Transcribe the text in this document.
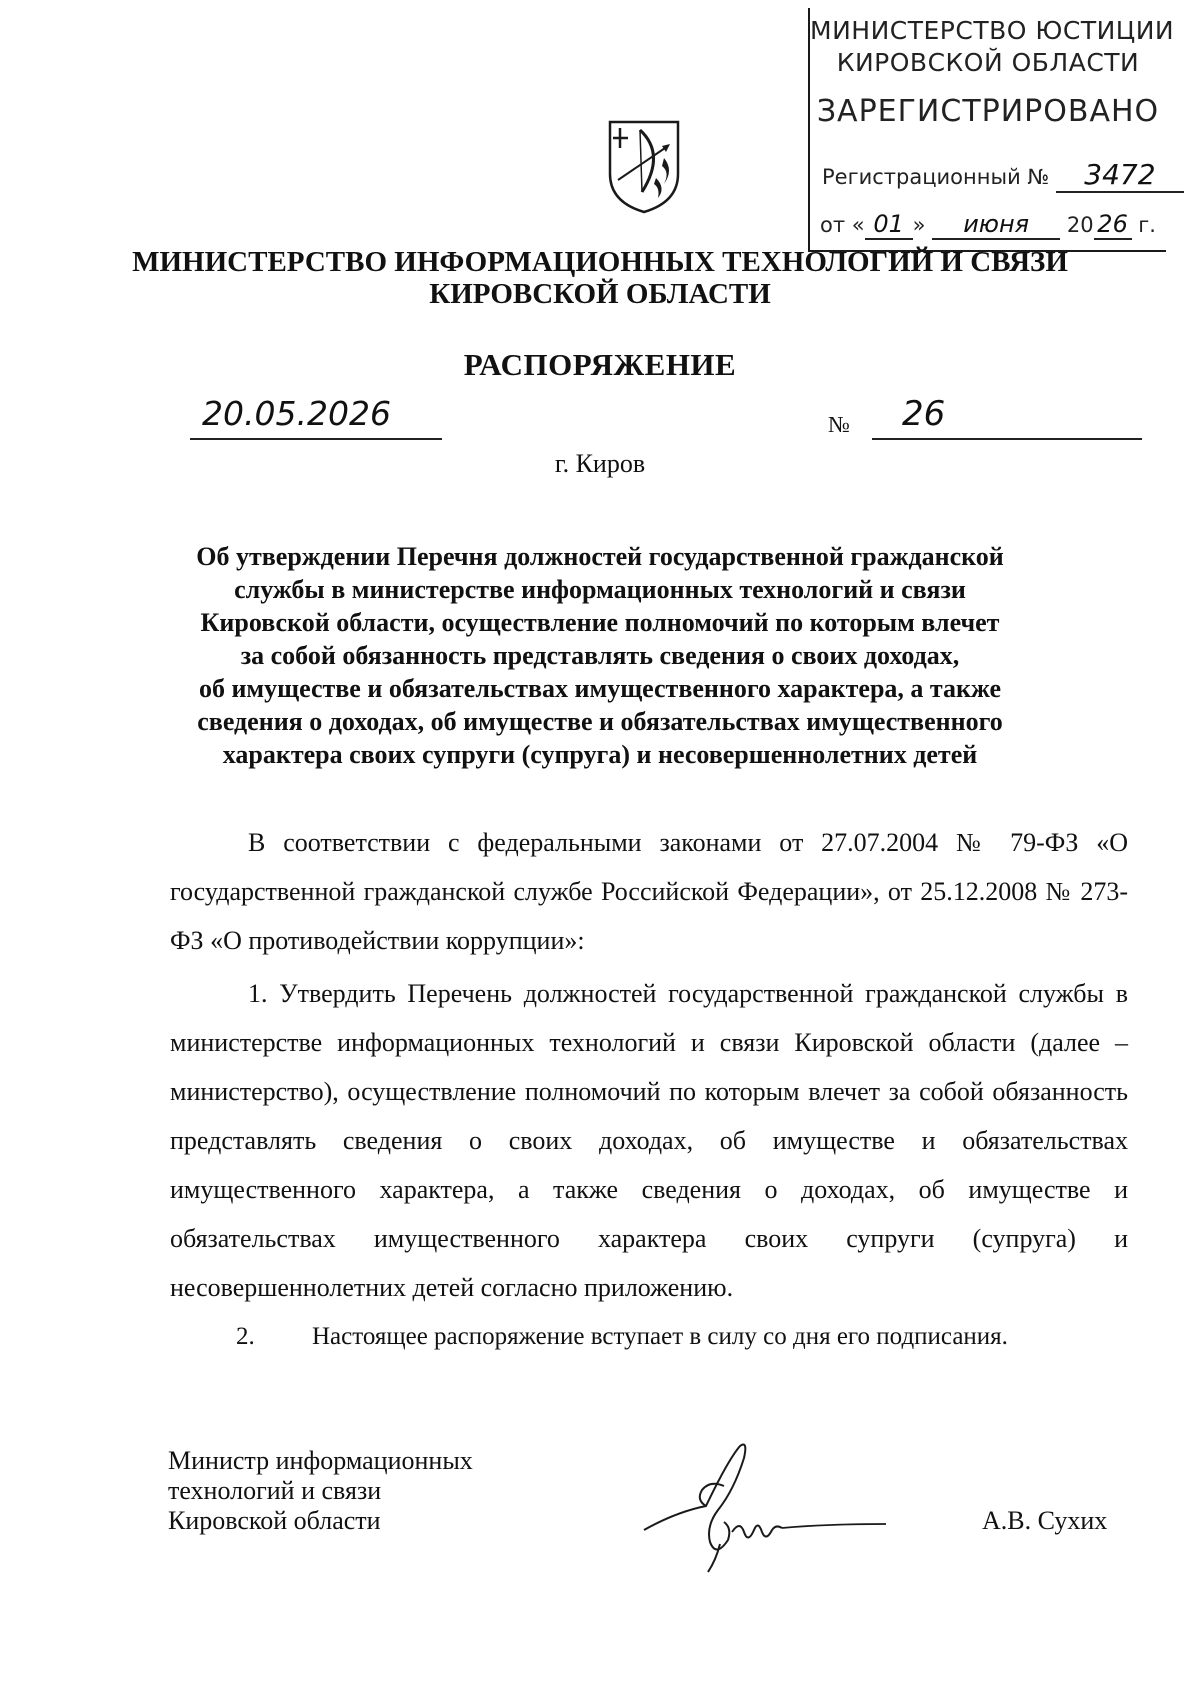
МИНИСТЕРСТВО ЮСТИЦИИ
КИРОВСКОЙ ОБЛАСТИ
ЗАРЕГИСТРИРОВАНО
Регистрационный № 3472
от « 01 » июня 20 26 г.
МИНИСТЕРСТВО ИНФОРМАЦИОННЫХ ТЕХНОЛОГИЙ И СВЯЗИ
КИРОВСКОЙ ОБЛАСТИ
РАСПОРЯЖЕНИЕ
20.05.2026	№ 26
г. Киров
Об утверждении Перечня должностей государственной гражданской
службы в министерстве информационных технологий и связи
Кировской области, осуществление полномочий по которым влечет
за собой обязанность представлять сведения о своих доходах,
об имуществе и обязательствах имущественного характера, а также
сведения о доходах, об имуществе и обязательствах имущественного
характера своих супруги (супруга) и несовершеннолетних детей

В соответствии с федеральными законами от 27.07.2004 № 79-ФЗ «О государственной гражданской службе Российской Федерации», от 25.12.2008 № 273-ФЗ «О противодействии коррупции»:

1. Утвердить Перечень должностей государственной гражданской службы в министерстве информационных технологий и связи Кировской области (далее – министерство), осуществление полномочий по которым влечет за собой обязанность представлять сведения о своих доходах, об имуществе и обязательствах имущественного характера, а также сведения о доходах, об имуществе и обязательствах имущественного характера своих супруги (супруга) и несовершеннолетних детей согласно приложению.

2. Настоящее распоряжение вступает в силу со дня его подписания.

Министр информационных
технологий и связи
Кировской области	А.В. Сухих
